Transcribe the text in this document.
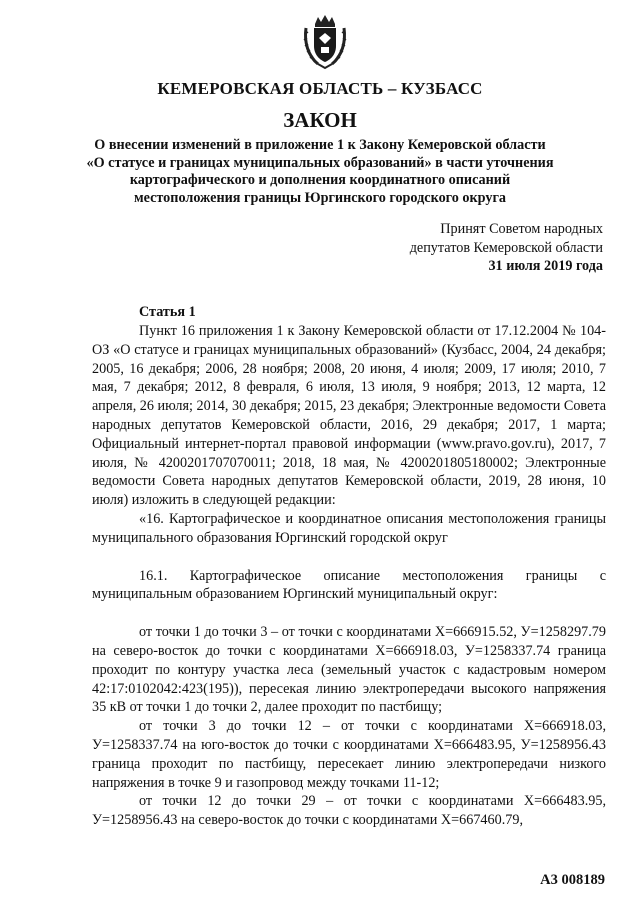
КЕМЕРОВСКАЯ ОБЛАСТЬ – КУЗБАСС
ЗАКОН
О внесении изменений в приложение 1 к Закону Кемеровской области
«О статусе и границах муниципальных образований» в части уточнения
картографического и дополнения координатного описаний
местоположения границы Юргинского городского округа
Принят Советом народных
депутатов Кемеровской области
31 июля 2019 года
Статья 1

Пункт 16 приложения 1 к Закону Кемеровской области от 17.12.2004 № 104-ОЗ «О статусе и границах муниципальных образований» (Кузбасс, 2004, 24 декабря; 2005, 16 декабря; 2006, 28 ноября; 2008, 20 июня, 4 июля; 2009, 17 июля; 2010, 7 мая, 7 декабря; 2012, 8 февраля, 6 июля, 13 июля, 9 ноября; 2013, 12 марта, 12 апреля, 26 июля; 2014, 30 декабря; 2015, 23 декабря; Электронные ведомости Совета народных депутатов Кемеровской области, 2016, 29 декабря; 2017, 1 марта; Официальный интернет-портал правовой информации (www.pravo.gov.ru), 2017, 7 июля, № 4200201707070011; 2018, 18 мая, № 4200201805180002; Электронные ведомости Совета народных депутатов Кемеровской области, 2019, 28 июня, 10 июля) изложить в следующей редакции:

«16. Картографическое и координатное описания местоположения границы муниципального образования Юргинский городской округ

16.1. Картографическое описание местоположения границы с муниципальным образованием Юргинский муниципальный округ:

от точки 1 до точки 3 – от точки с координатами X=666915.52, У=1258297.79 на северо-восток до точки с координатами X=666918.03, У=1258337.74 граница проходит по контуру участка леса (земельный участок с кадастровым номером 42:17:0102042:423(195)), пересекая линию электропередачи высокого напряжения 35 кВ от точки 1 до точки 2, далее проходит по пастбищу;

от точки 3 до точки 12 – от точки с координатами X=666918.03, У=1258337.74 на юго-восток до точки с координатами X=666483.95, У=1258956.43 граница проходит по пастбищу, пересекает линию электропередачи низкого напряжения в точке 9 и газопровод между точками 11-12;

от точки 12 до точки 29 – от точки с координатами X=666483.95, У=1258956.43 на северо-восток до точки с координатами X=667460.79,

А3 008189
